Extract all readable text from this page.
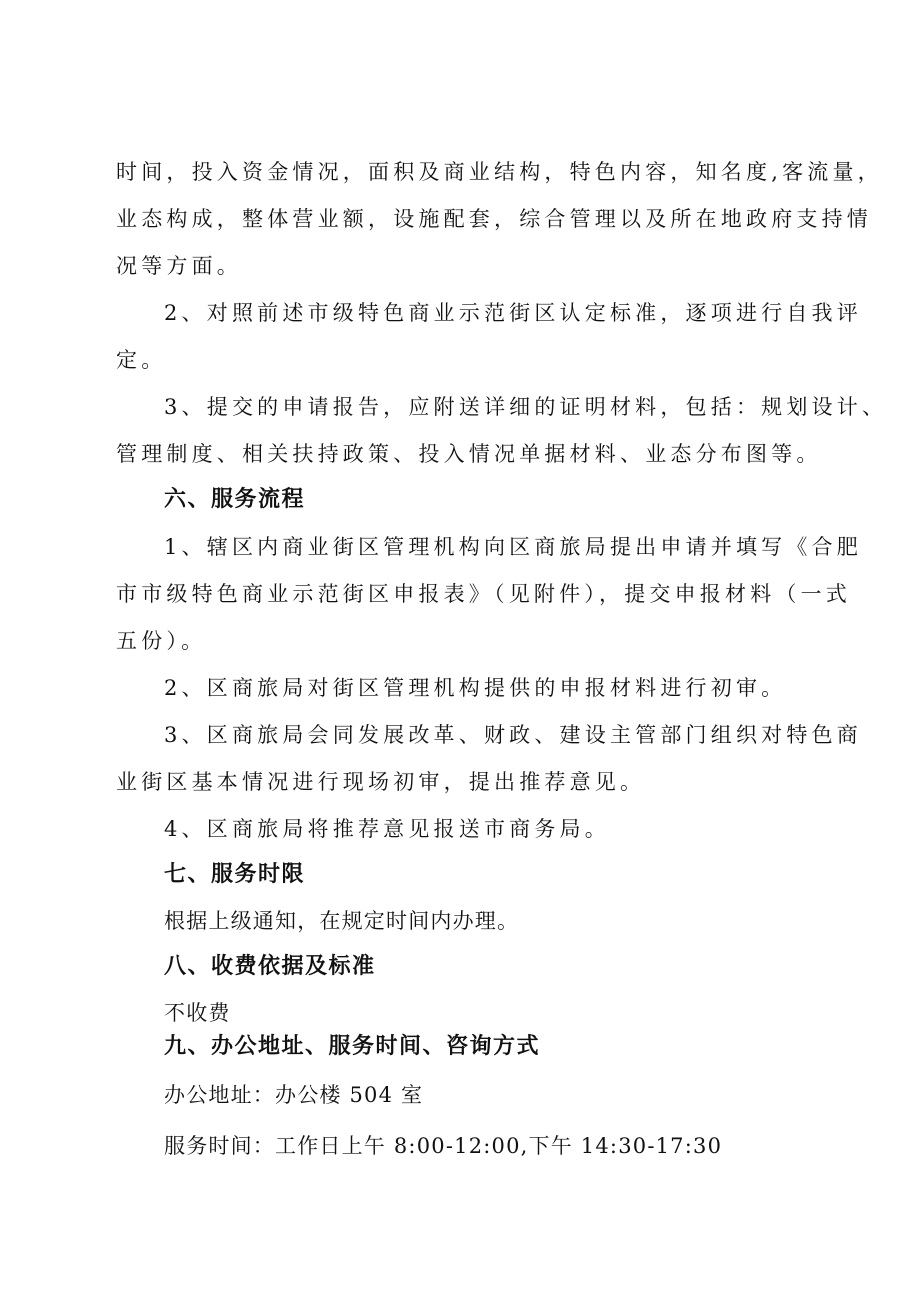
时间，投入资金情况，面积及商业结构，特色内容，知名度,客流量，
业态构成，整体营业额，设施配套，综合管理以及所在地政府支持情
况等方面。
2、对照前述市级特色商业示范街区认定标准，逐项进行自我评
定。
3、提交的申请报告，应附送详细的证明材料，包括：规划设计、
管理制度、相关扶持政策、投入情况单据材料、业态分布图等。
六、服务流程
1、辖区内商业街区管理机构向区商旅局提出申请并填写《合肥
市市级特色商业示范街区申报表》（见附件），提交申报材料（一式
五份）。
2、区商旅局对街区管理机构提供的申报材料进行初审。
3、区商旅局会同发展改革、财政、建设主管部门组织对特色商
业街区基本情况进行现场初审，提出推荐意见。
4、区商旅局将推荐意见报送市商务局。
七、服务时限
根据上级通知，在规定时间内办理。
八、收费依据及标准
不收费
九、办公地址、服务时间、咨询方式
办公地址：办公楼 504 室
服务时间：工作日上午 8:00-12:00,下午 14:30-17:30
